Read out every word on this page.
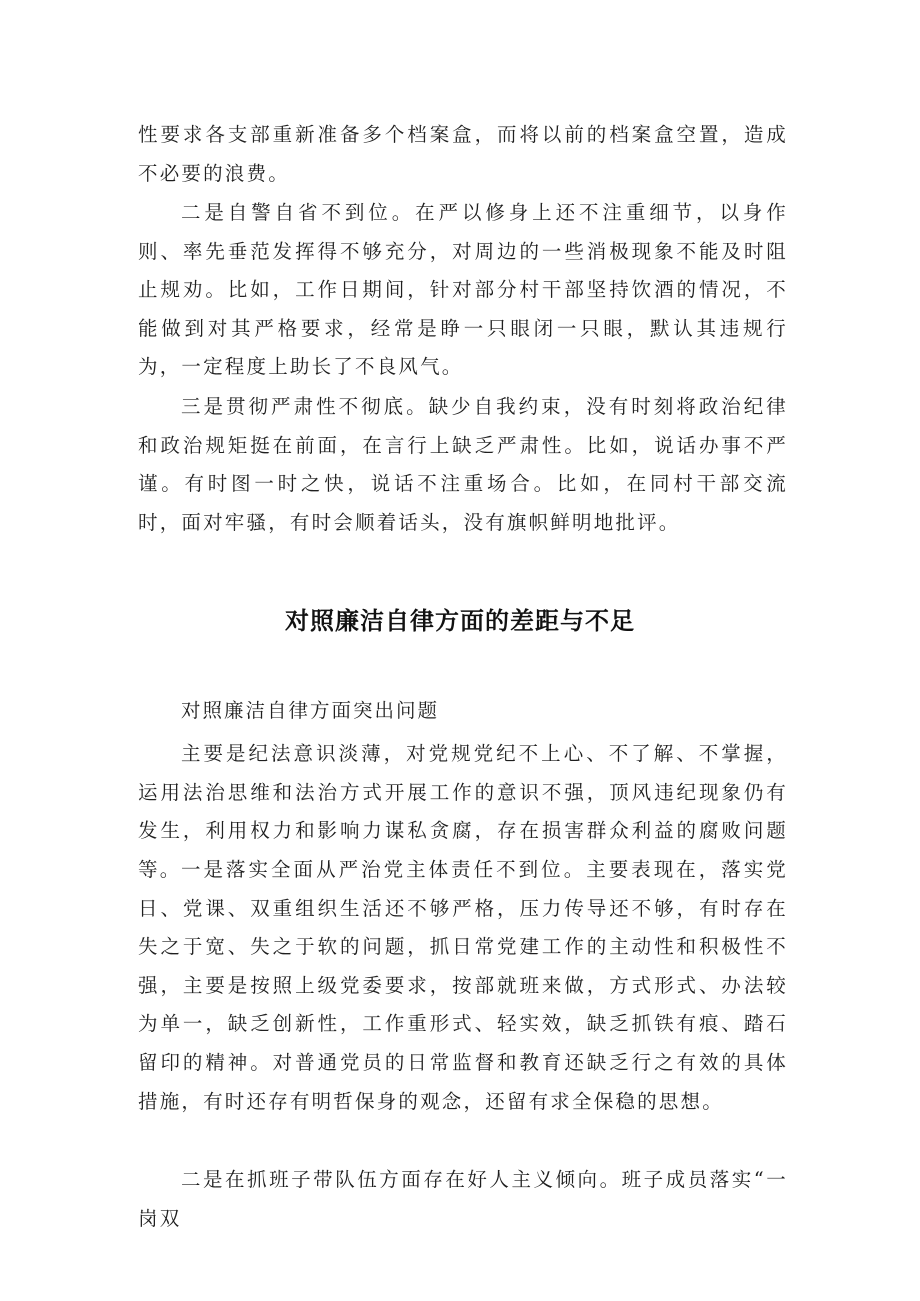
性要求各支部重新准备多个档案盒，而将以前的档案盒空置，造成不必要的浪费。

二是自警自省不到位。在严以修身上还不注重细节，以身作则、率先垂范发挥得不够充分，对周边的一些消极现象不能及时阻止规劝。比如，工作日期间，针对部分村干部坚持饮酒的情况，不能做到对其严格要求，经常是睁一只眼闭一只眼，默认其违规行为，一定程度上助长了不良风气。

三是贯彻严肃性不彻底。缺少自我约束，没有时刻将政治纪律和政治规矩挺在前面，在言行上缺乏严肃性。比如，说话办事不严谨。有时图一时之快，说话不注重场合。比如，在同村干部交流时，面对牢骚，有时会顺着话头，没有旗帜鲜明地批评。

对照廉洁自律方面的差距与不足

对照廉洁自律方面突出问题

主要是纪法意识淡薄，对党规党纪不上心、不了解、不掌握，运用法治思维和法治方式开展工作的意识不强，顶风违纪现象仍有发生，利用权力和影响力谋私贪腐，存在损害群众利益的腐败问题等。 一是落实全面从严治党主体责任不到位。主要表现在，落实党日、党课、双重组织生活还不够严格，压力传导还不够，有时存在失之于宽、失之于软的问题，抓日常党建工作的主动性和积极性不强，主要是按照上级党委要求，按部就班来做，方式形式、办法较为单一，缺乏创新性，工作重形式、轻实效，缺乏抓铁有痕、踏石留印的精神。对普通党员的日常监督和教育还缺乏行之有效的具体措施，有时还存有明哲保身的观念，还留有求全保稳的思想。

二是在抓班子带队伍方面存在好人主义倾向。班子成员落实“一岗双
